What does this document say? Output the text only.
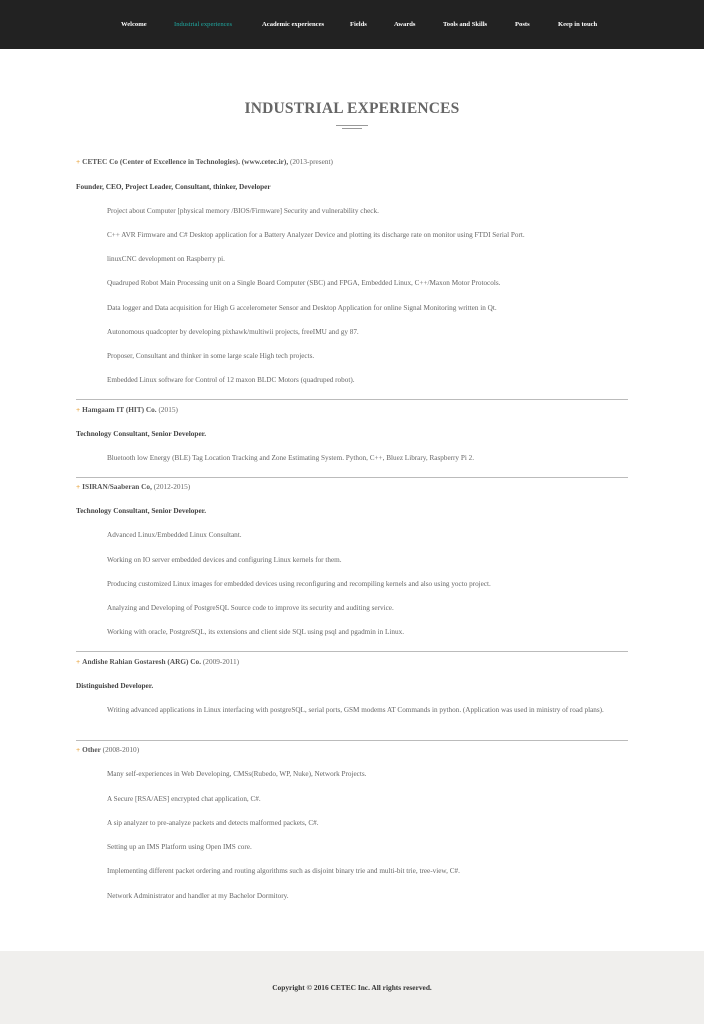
Welcome	Industrial experiences	Academic experiences	Fields	Awards	Tools and Skills	Posts	Keep in touch
INDUSTRIAL EXPERIENCES
+ CETEC Co (Center of Excellence in Technologies). (www.cetec.ir), (2013-present)
Founder, CEO, Project Leader, Consultant, thinker, Developer
Project about Computer [physical memory /BIOS/Firmware] Security and vulnerability check.
C++ AVR Firmware and C# Desktop application for a Battery Analyzer Device and plotting its discharge rate on monitor using FTDI Serial Port.
linuxCNC development on Raspberry pi.
Quadruped Robot Main Processing unit on a Single Board Computer (SBC) and FPGA, Embedded Linux, C++/Maxon Motor Protocols.
Data logger and Data acquisition for High G accelerometer Sensor and Desktop Application for online Signal Monitoring written in Qt.
Autonomous quadcopter by developing pixhawk/multiwii projects, freeIMU and gy 87.
Proposer, Consultant and thinker in some large scale High tech projects.
Embedded Linux software for Control of 12 maxon BLDC Motors (quadruped robot).
+ Hamgaam IT (HIT) Co. (2015)
Technology Consultant, Senior Developer.
Bluetooth low Energy (BLE) Tag Location Tracking and Zone Estimating System. Python, C++, Bluez Library, Raspberry Pi 2.
+ ISIRAN/Saaberan Co, (2012-2015)
Technology Consultant, Senior Developer.
Advanced Linux/Embedded Linux Consultant.
Working on IO server embedded devices and configuring Linux kernels for them.
Producing customized Linux images for embedded devices using reconfiguring and recompiling kernels and also using yocto project.
Analyzing and Developing of PostgreSQL Source code to improve its security and auditing service.
Working with oracle, PostgreSQL, its extensions and client side SQL using psql and pgadmin in Linux.
+ Andishe Rahian Gostaresh (ARG) Co. (2009-2011)
Distinguished Developer.
Writing advanced applications in Linux interfacing with postgreSQL, serial ports, GSM modems AT Commands in python. (Application was used in ministry of road plans).
+ Other (2008-2010)
Many self-experiences in Web Developing, CMSs(Rubedo, WP, Nuke), Network Projects.
A Secure [RSA/AES] encrypted chat application, C#.
A sip analyzer to pre-analyze packets and detects malformed packets, C#.
Setting up an IMS Platform using Open IMS core.
Implementing different packet ordering and routing algorithms such as disjoint binary trie and multi-bit trie, tree-view, C#.
Network Administrator and handler at my Bachelor Dormitory.
Copyright © 2016 CETEC Inc. All rights reserved.
